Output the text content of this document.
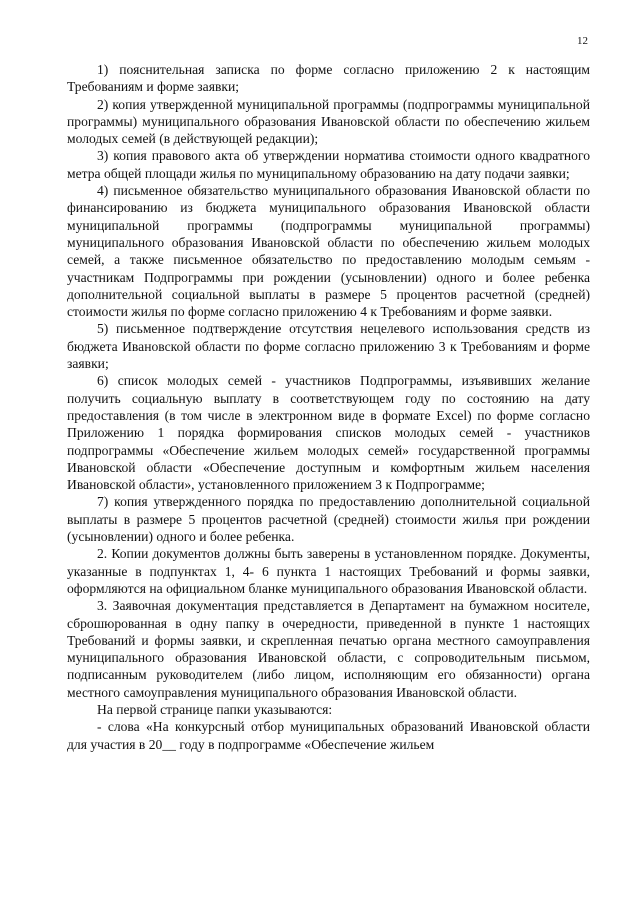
12

1) пояснительная записка по форме согласно приложению 2 к настоящим Требованиям и форме заявки;

2) копия утвержденной муниципальной программы (подпрограммы муниципальной программы) муниципального образования Ивановской области по обеспечению жильем молодых семей (в действующей редакции);

3) копия правового акта об утверждении норматива стоимости одного квадратного метра общей площади жилья по муниципальному образованию на дату подачи заявки;

4) письменное обязательство муниципального образования Ивановской области по финансированию из бюджета муниципального образования Ивановской области муниципальной программы (подпрограммы муниципальной программы) муниципального образования Ивановской области по обеспечению жильем молодых семей, а также письменное обязательство по предоставлению молодым семьям - участникам Подпрограммы при рождении (усыновлении) одного и более ребенка дополнительной социальной выплаты в размере 5 процентов расчетной (средней) стоимости жилья по форме согласно приложению 4 к Требованиям и форме заявки.

5) письменное подтверждение отсутствия нецелевого использования средств из бюджета Ивановской области по форме согласно приложению 3 к Требованиям и форме заявки;

6) список молодых семей - участников Подпрограммы, изъявивших желание получить социальную выплату в соответствующем году по состоянию на дату предоставления (в том числе в электронном виде в формате Excel) по форме согласно Приложению 1 порядка формирования списков молодых семей - участников подпрограммы «Обеспечение жильем молодых семей» государственной программы Ивановской области «Обеспечение доступным и комфортным жильем населения Ивановской области», установленного приложением 3 к Подпрограмме;

7) копия утвержденного порядка по предоставлению дополнительной социальной выплаты в размере 5 процентов расчетной (средней) стоимости жилья при рождении (усыновлении) одного и более ребенка.

2. Копии документов должны быть заверены в установленном порядке. Документы, указанные в подпунктах 1, 4- 6 пункта 1 настоящих Требований и формы заявки, оформляются на официальном бланке муниципального образования Ивановской области.

3. Заявочная документация представляется в Департамент на бумажном носителе, сброшюрованная в одну папку в очередности, приведенной в пункте 1 настоящих Требований и формы заявки, и скрепленная печатью органа местного самоуправления муниципального образования Ивановской области, с сопроводительным письмом, подписанным руководителем (либо лицом, исполняющим его обязанности) органа местного самоуправления муниципального образования Ивановской области.

На первой странице папки указываются:

- слова «На конкурсный отбор муниципальных образований Ивановской области для участия в 20__ году в подпрограмме «Обеспечение жильем
